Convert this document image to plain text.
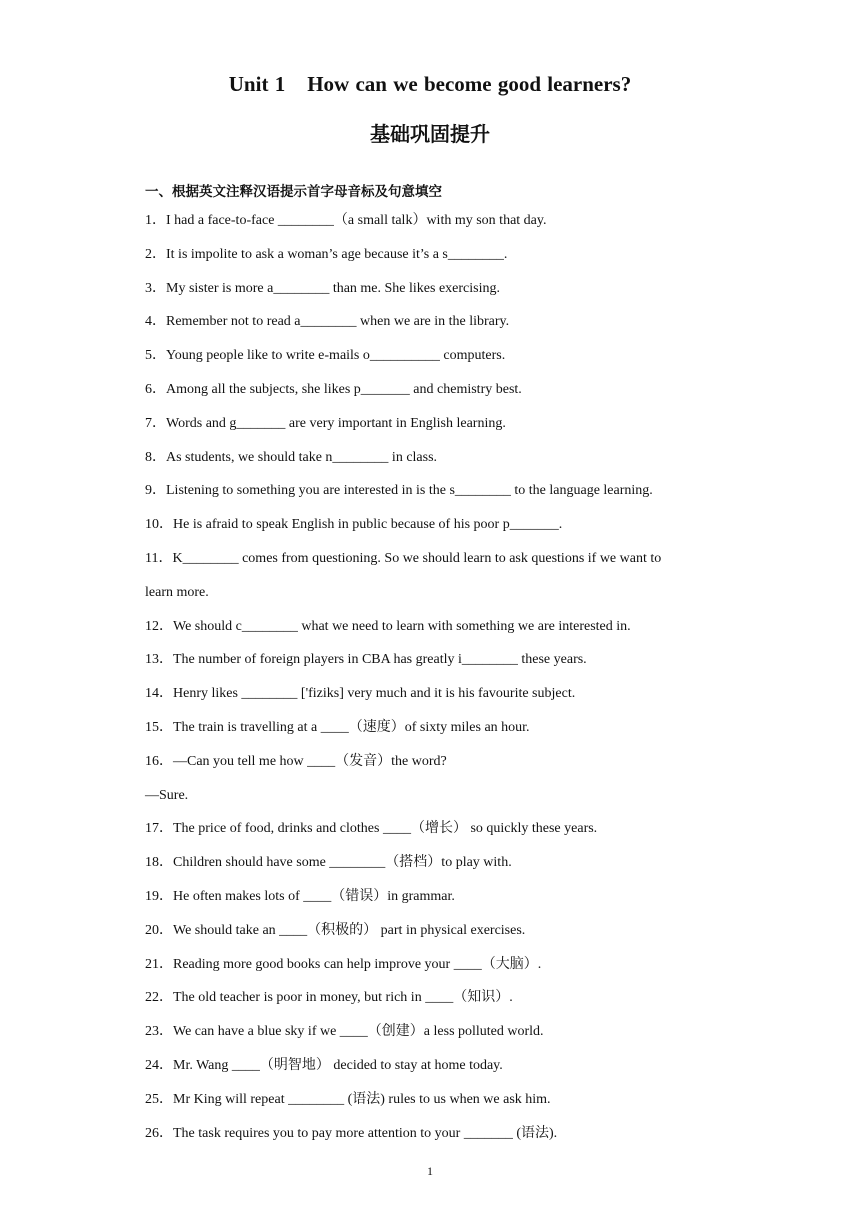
Unit 1 How can we become good learners?
基础巩固提升
一、根据英文注释汉语提示首字母音标及句意填空
1．I had a face-to-face ________（a small talk）with my son that day.
2．It is impolite to ask a woman’s age because it’s a s________.
3．My sister is more a________ than me. She likes exercising.
4．Remember not to read a________ when we are in the library.
5．Young people like to write e-mails o__________ computers.
6．Among all the subjects, she likes p_______ and chemistry best.
7．Words and g_______ are very important in English learning.
8．As students, we should take n________ in class.
9．Listening to something you are interested in is the s________ to the language learning.
10．He is afraid to speak English in public because of his poor p_______.
11．K________ comes from questioning. So we should learn to ask questions if we want to
learn more.
12．We should c________ what we need to learn with something we are interested in.
13．The number of foreign players in CBA has greatly i________ these years.
14．Henry likes ________ ['fiziks] very much and it is his favourite subject.
15．The train is travelling at a ____（速度）of sixty miles an hour.
16．—Can you tell me how ____（发音）the word?
—Sure.
17．The price of food, drinks and clothes ____（增长） so quickly these years.
18．Children should have some ________（搭档）to play with.
19．He often makes lots of ____（错误）in grammar.
20．We should take an ____（积极的） part in physical exercises.
21．Reading more good books can help improve your ____（大脑）.
22．The old teacher is poor in money, but rich in ____（知识）.
23．We can have a blue sky if we ____（创建）a less polluted world.
24．Mr. Wang ____（明智地） decided to stay at home today.
25．Mr King will repeat ________ (语法) rules to us when we ask him.
26．The task requires you to pay more attention to your _______ (语法).
1
